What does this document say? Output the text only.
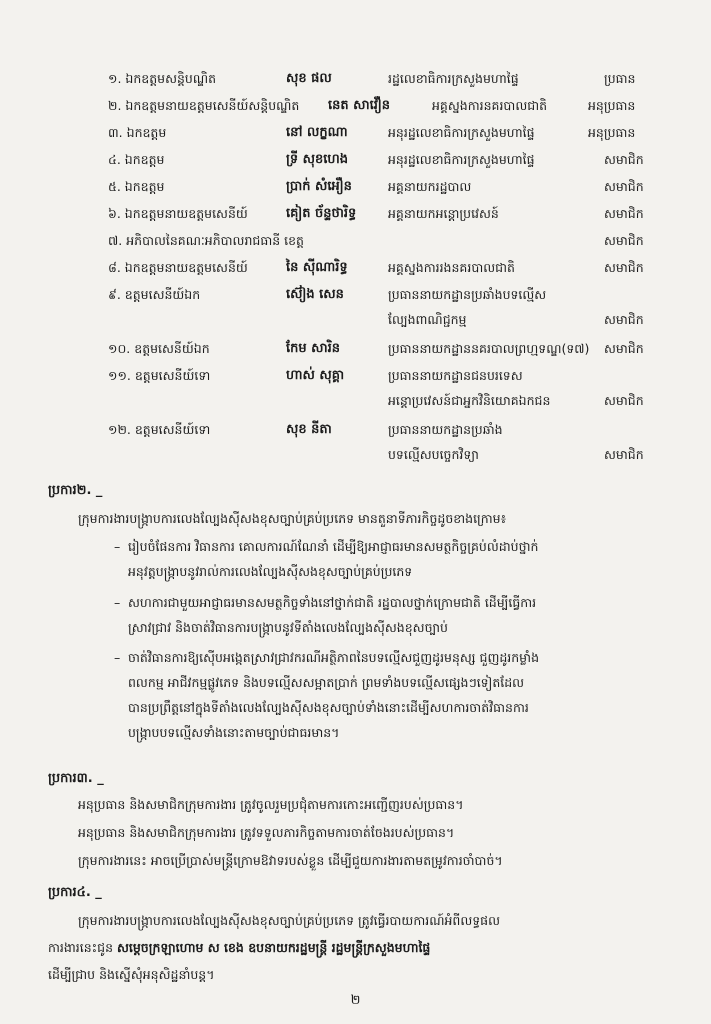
១. ឯកឧត្តមសន្តិបណ្ឌិត	សុខ ផល	រដ្ឋលេខាធិការក្រសួងមហាផ្ទៃ	ប្រធាន
២. ឯកឧត្តមនាយឧត្តមសេនីយ៍សន្តិបណ្ឌិត នេត សាវឿន	អគ្គស្នងការនគរបាលជាតិ	អនុប្រធាន
៣. ឯកឧត្តម	នៅ លក្ខណា	អនុរដ្ឋលេខាធិការក្រសួងមហាផ្ទៃ	អនុប្រធាន
៤. ឯកឧត្តម	ទ្រី សុខហេង	អនុរដ្ឋលេខាធិការក្រសួងមហាផ្ទៃ	សមាជិក
៥. ឯកឧត្តម	ប្រាក់ សំអឿន	អគ្គនាយករដ្ឋបាល	សមាជិក
៦. ឯកឧត្តមនាយឧត្តមសេនីយ៍	គៀត ច័ន្ទថារិទ្ធ	អគ្គនាយកអន្តោប្រវេសន៍	សមាជិក
៧. អភិបាលនៃគណៈអភិបាលរាជធានី ខេត្ត	សមាជិក
៨. ឯកឧត្តមនាយឧត្តមសេនីយ៍	នៃ ស៊ីណារិទ្ធ	អគ្គស្នងការរងនគរបាលជាតិ	សមាជិក
៩. ឧត្តមសេនីយ៍ឯក	ស៊ៀង សេន	ប្រធាននាយកដ្ឋានប្រឆាំងបទល្មើស
ល្បែងពាណិជ្ជកម្ម	សមាជិក
១០. ឧត្តមសេនីយ៍ឯក	កែម សារិន	ប្រធាននាយកដ្ឋាននគរបាលព្រហ្មទណ្ឌ(ទ៧)	សមាជិក
១១. ឧត្តមសេនីយ៍ទោ	ហាស់ សុគ្គា	ប្រធាននាយកដ្ឋានជនបរទេស
អន្តោប្រវេសន៍ជាអ្នកវិនិយោគឯកជន	សមាជិក
១២. ឧត្តមសេនីយ៍ទោ	សុខ នីតា	ប្រធាននាយកដ្ឋានប្រឆាំង
បទល្មើសបច្ចេកវិទ្យា	សមាជិក
ប្រការ២. _
ក្រុមការងារបង្ក្រាបការលេងល្បែងស៊ីសងខុសច្បាប់គ្រប់ប្រភេទ មានតួនាទីភារកិច្ចដូចខាងក្រោម៖
– រៀបចំផែនការ វិធានការ គោលការណ៍ណែនាំ ដើម្បីឱ្យអាជ្ញាធរមានសមត្ថកិច្ចគ្រប់លំដាប់ថ្នាក់
អនុវត្តបង្ក្រាបនូវរាល់ការលេងល្បែងស៊ីសងខុសច្បាប់គ្រប់ប្រភេទ
– សហការជាមួយអាជ្ញាធរមានសមត្ថកិច្ចទាំងនៅថ្នាក់ជាតិ រដ្ឋបាលថ្នាក់ក្រោមជាតិ ដើម្បីធ្វើការ
ស្រាវជ្រាវ និងចាត់វិធានការបង្ក្រាបនូវទីតាំងលេងល្បែងស៊ីសងខុសច្បាប់
– ចាត់វិធានការឱ្យស៊ើបអង្កេតស្រាវជ្រាវករណីអត្ថិភាពនៃបទល្មើសជួញដូរមនុស្ស ជួញដូរកម្លាំង
ពលកម្ម អាជីវកម្មផ្លូវភេទ និងបទល្មើសសម្អាតប្រាក់ ព្រមទាំងបទល្មើសផ្សេងៗទៀតដែល
បានប្រព្រឹត្តនៅក្នុងទីតាំងលេងល្បែងស៊ីសងខុសច្បាប់ទាំងនោះដើម្បីសហការចាត់វិធានការ
បង្ក្រាបបទល្មើសទាំងនោះតាមច្បាប់ជាធរមាន។
ប្រការ៣. _
អនុប្រធាន និងសមាជិកក្រុមការងារ ត្រូវចូលរួមប្រជុំតាមការកោះអញ្ជើញរបស់ប្រធាន។
អនុប្រធាន និងសមាជិកក្រុមការងារ ត្រូវទទួលភារកិច្ចតាមការចាត់ចែងរបស់ប្រធាន។
ក្រុមការងារនេះ អាចប្រើប្រាស់មន្ត្រីក្រោមឱវាទរបស់ខ្លួន ដើម្បីជួយការងារតាមតម្រូវការចាំបាច់។
ប្រការ៤. _
ក្រុមការងារបង្ក្រាបការលេងល្បែងស៊ីសងខុសច្បាប់គ្រប់ប្រភេទ ត្រូវធ្វើរបាយការណ៍អំពីលទ្ធផល
ការងារនេះជូន សម្ដេចក្រឡាហោម ស ខេង ឧបនាយករដ្ឋមន្ត្រី រដ្ឋមន្ត្រីក្រសួងមហាផ្ទៃ
ដើម្បីជ្រាប និងស្នើសុំអនុសិដ្ឋនាំបន្ត។
២
